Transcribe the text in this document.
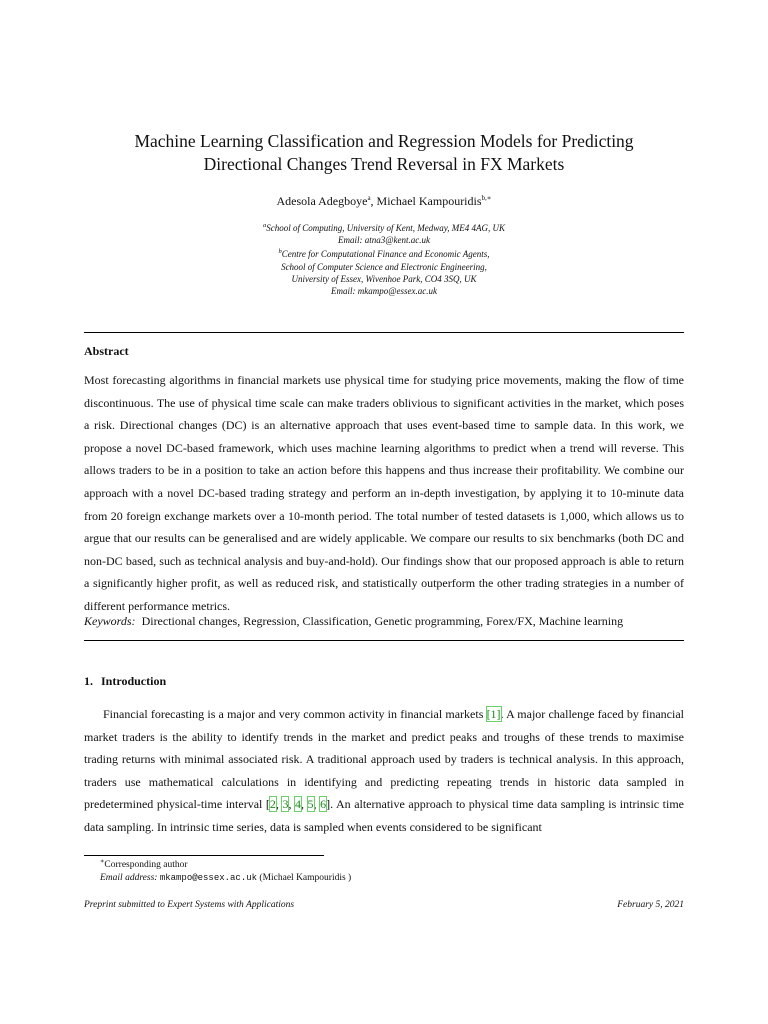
Machine Learning Classification and Regression Models for Predicting
Directional Changes Trend Reversal in FX Markets
Adesola Adegboye$^a$, Michael Kampouridis$^{b,∗}$
$^a$School of Computing, University of Kent, Medway, ME4 4AG, UK
Email: atna3@kent.ac.uk
$^b$Centre for Computational Finance and Economic Agents,
School of Computer Science and Electronic Engineering,
University of Essex, Wivenhoe Park, CO4 3SQ, UK
Email: mkampo@essex.ac.uk
Abstract
Most forecasting algorithms in financial markets use physical time for studying price movements, making the flow of time discontinuous. The use of physical time scale can make traders oblivious to significant activities in the market, which poses a risk. Directional changes (DC) is an alternative approach that uses event-based time to sample data. In this work, we propose a novel DC-based framework, which uses machine learning algorithms to predict when a trend will reverse. This allows traders to be in a position to take an action before this happens and thus increase their profitability. We combine our approach with a novel DC-based trading strategy and perform an in-depth investigation, by applying it to 10-minute data from 20 foreign exchange markets over a 10-month period. The total number of tested datasets is 1,000, which allows us to argue that our results can be generalised and are widely applicable. We compare our results to six benchmarks (both DC and non-DC based, such as technical analysis and buy-and-hold). Our findings show that our proposed approach is able to return a significantly higher profit, as well as reduced risk, and statistically outperform the other trading strategies in a number of different performance metrics.
Keywords: Directional changes, Regression, Classification, Genetic programming, Forex/FX, Machine learning
1. Introduction

Financial forecasting is a major and very common activity in financial markets [1]. A major challenge faced by financial market traders is the ability to identify trends in the market and predict peaks and troughs of these trends to maximise trading returns with minimal associated risk. A traditional approach used by traders is technical analysis. In this approach, traders use mathematical calculations in identifying and predicting repeating trends in historic data sampled in predetermined physical-time interval [2, 3, 4, 5, 6]. An alternative approach to physical time data sampling is intrinsic time data sampling. In intrinsic time series, data is sampled when events considered to be significant

∗Corresponding author
Email address: mkampo@essex.ac.uk (Michael Kampouridis )
Preprint submitted to Expert Systems with Applications	February 5, 2021
